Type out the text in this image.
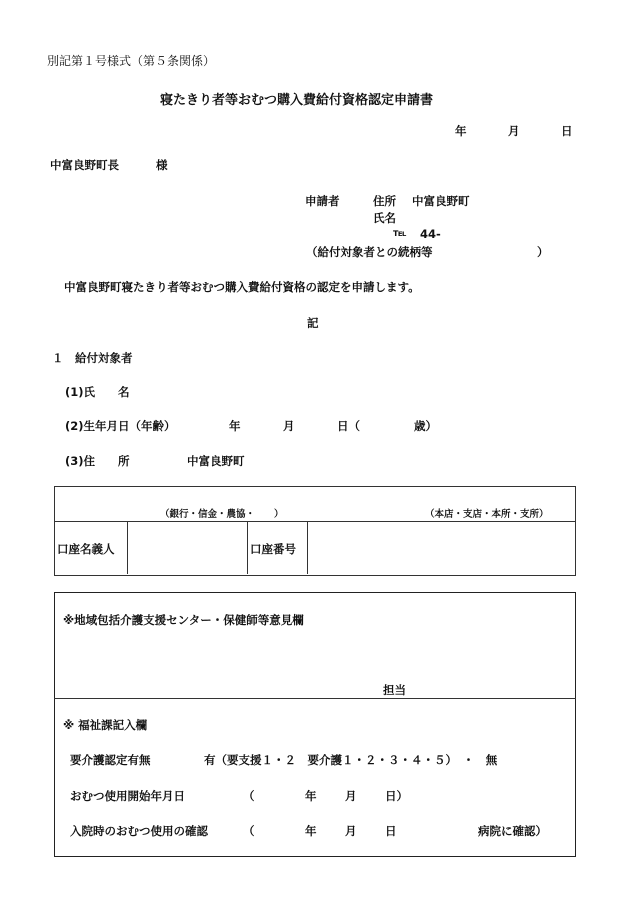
別記第１号様式（第５条関係）
寝たきり者等おむつ購入費給付資格認定申請書
年	月	日
中富良野町長	様
申請者	住所 中富良野町
氏名
℡ 44-
（給付対象者との続柄等	）
中富良野町寝たきり者等おむつ購入費給付資格の認定を申請します。
記
１　給付対象者
(1)氏　　名
(2)生年月日（年齢）	年	月	日（	歳）
(3)住　　所	中富良野町
（銀行・信金・農協・　　）	（本店・支店・本所・支所）
口座名義人	口座番号
※地域包括介護支援センター・保健師等意見欄
担当
※ 福祉課記入欄
要介護認定有無	有（要支援１・２　要介護１・２・３・４・５）　・　無
おむつ使用開始年月日	（	年 月 日）
入院時のおむつ使用の確認	（	年 月 日	病院に確認）
